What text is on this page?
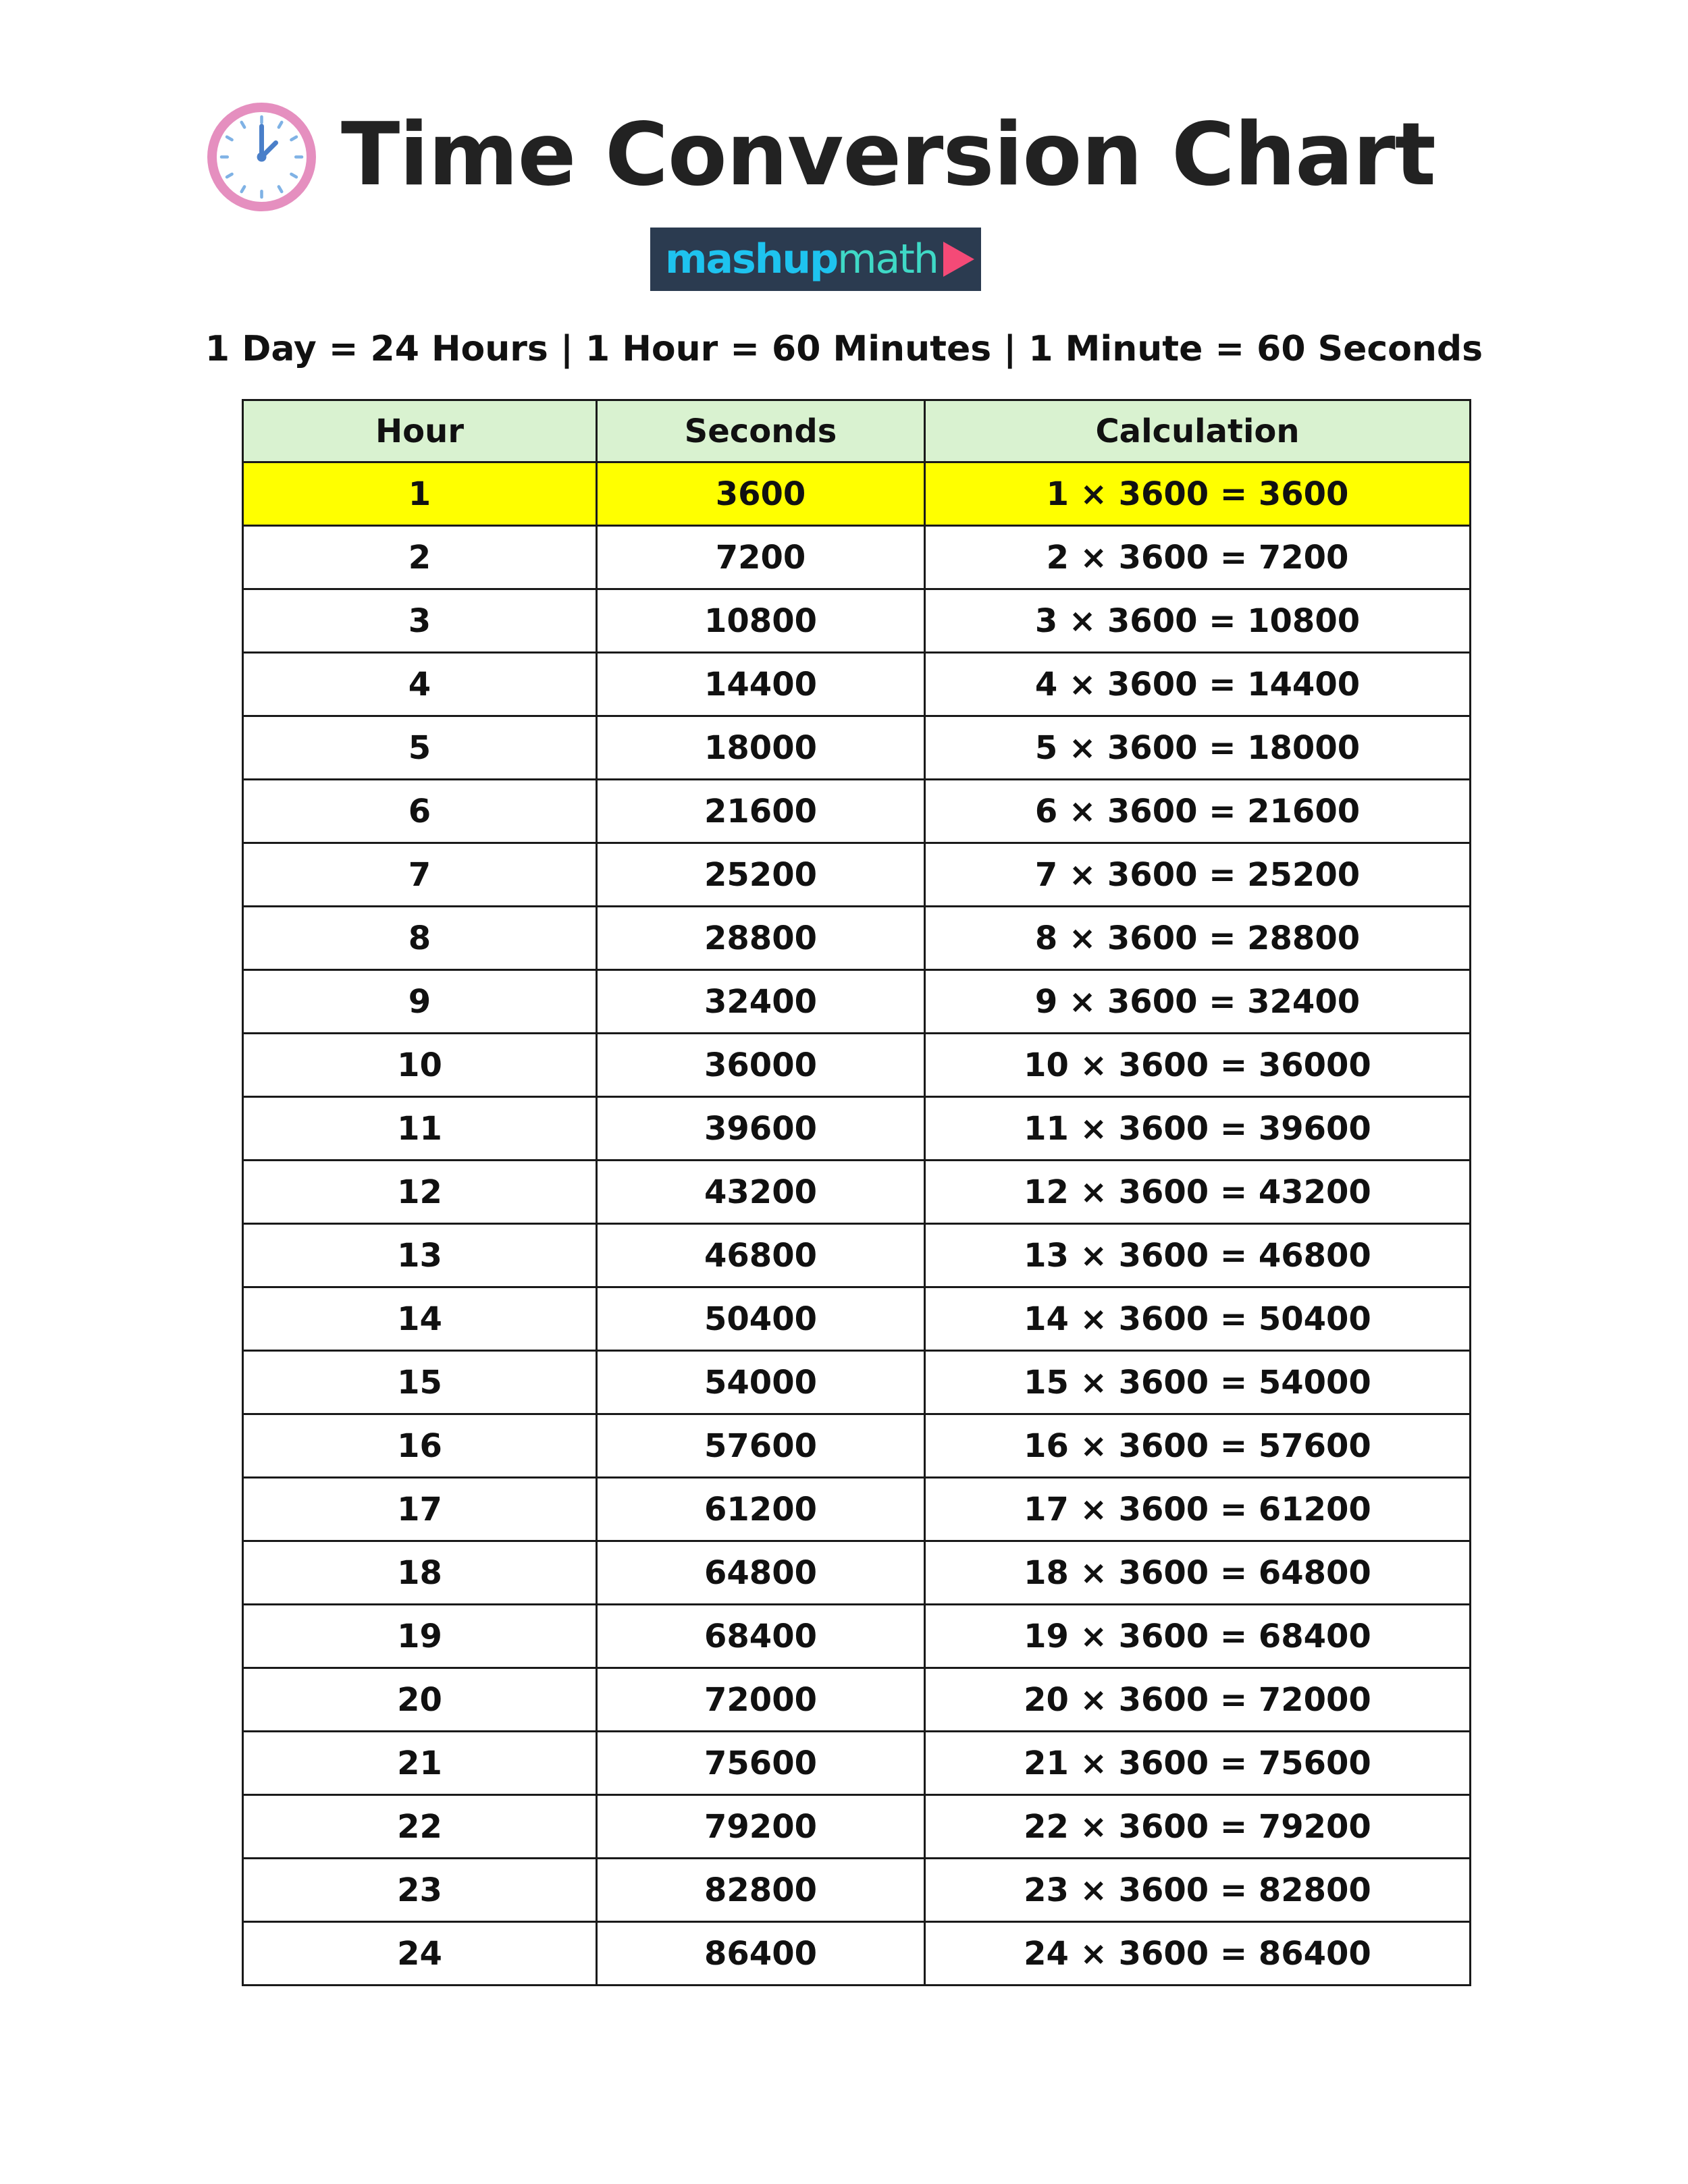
Time Conversion Chart
mashup math
1 Day = 24 Hours | 1 Hour = 60 Minutes | 1 Minute = 60 Seconds
Hour	Seconds	Calculation
1	3600	1 × 3600 = 3600
2	7200	2 × 3600 = 7200
3	10800	3 × 3600 = 10800
4	14400	4 × 3600 = 14400
5	18000	5 × 3600 = 18000
6	21600	6 × 3600 = 21600
7	25200	7 × 3600 = 25200
8	28800	8 × 3600 = 28800
9	32400	9 × 3600 = 32400
10	36000	10 × 3600 = 36000
11	39600	11 × 3600 = 39600
12	43200	12 × 3600 = 43200
13	46800	13 × 3600 = 46800
14	50400	14 × 3600 = 50400
15	54000	15 × 3600 = 54000
16	57600	16 × 3600 = 57600
17	61200	17 × 3600 = 61200
18	64800	18 × 3600 = 64800
19	68400	19 × 3600 = 68400
20	72000	20 × 3600 = 72000
21	75600	21 × 3600 = 75600
22	79200	22 × 3600 = 79200
23	82800	23 × 3600 = 82800
24	86400	24 × 3600 = 86400
